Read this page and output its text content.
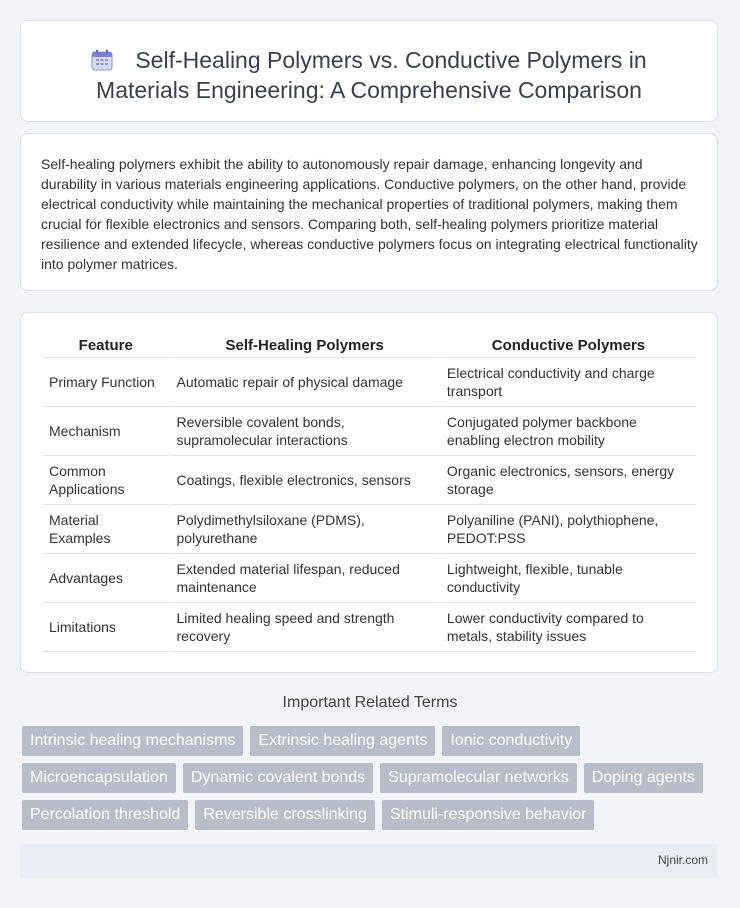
Self-Healing Polymers vs. Conductive Polymers in
Materials Engineering: A Comprehensive Comparison

Self-healing polymers exhibit the ability to autonomously repair damage, enhancing longevity and durability in various materials engineering applications. Conductive polymers, on the other hand, provide electrical conductivity while maintaining the mechanical properties of traditional polymers, making them crucial for flexible electronics and sensors. Comparing both, self-healing polymers prioritize material resilience and extended lifecycle, whereas conductive polymers focus on integrating electrical functionality into polymer matrices.

Feature	Self-Healing Polymers	Conductive Polymers
Primary Function	Automatic repair of physical damage	Electrical conductivity and charge transport
Mechanism	Reversible covalent bonds, supramolecular interactions	Conjugated polymer backbone enabling electron mobility
Common Applications	Coatings, flexible electronics, sensors	Organic electronics, sensors, energy storage
Material Examples	Polydimethylsiloxane (PDMS), polyurethane	Polyaniline (PANI), polythiophene, PEDOT:PSS
Advantages	Extended material lifespan, reduced maintenance	Lightweight, flexible, tunable conductivity
Limitations	Limited healing speed and strength recovery	Lower conductivity compared to metals, stability issues
Important Related Terms
Intrinsic healing mechanisms	Extrinsic healing agents	Ionic conductivity
Microencapsulation	Dynamic covalent bonds	Supramolecular networks	Doping agents
Percolation threshold	Reversible crosslinking	Stimuli-responsive behavior
Njnir.com
